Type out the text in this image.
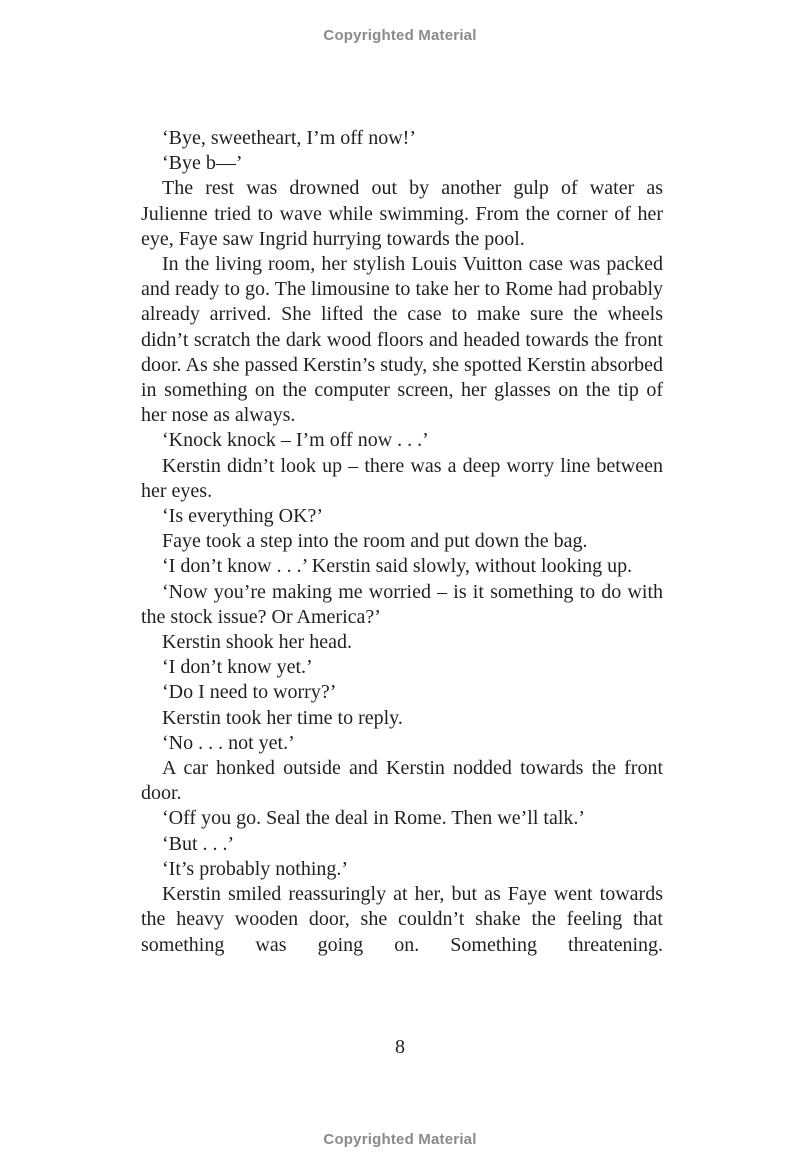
Copyrighted Material

‘Bye, sweetheart, I’m off now!’

‘Bye b—’

The rest was drowned out by another gulp of water as Julienne tried to wave while swimming. From the corner of her eye, Faye saw Ingrid hurrying towards the pool.

In the living room, her stylish Louis Vuitton case was packed and ready to go. The limousine to take her to Rome had probably already arrived. She lifted the case to make sure the wheels didn’t scratch the dark wood floors and headed towards the front door. As she passed Kerstin’s study, she spotted Kerstin absorbed in something on the computer screen, her glasses on the tip of her nose as always.

‘Knock knock – I’m off now . . .’

Kerstin didn’t look up – there was a deep worry line between her eyes.

‘Is everything OK?’

Faye took a step into the room and put down the bag.

‘I don’t know . . .’ Kerstin said slowly, without looking up.

‘Now you’re making me worried – is it something to do with the stock issue? Or America?’

Kerstin shook her head.

‘I don’t know yet.’

‘Do I need to worry?’

Kerstin took her time to reply.

‘No . . . not yet.’

A car honked outside and Kerstin nodded towards the front door.

‘Off you go. Seal the deal in Rome. Then we’ll talk.’

‘But . . .’

‘It’s probably nothing.’

Kerstin smiled reassuringly at her, but as Faye went towards the heavy wooden door, she couldn’t shake the feeling that something was going on. Something threatening.

8
Copyrighted Material
